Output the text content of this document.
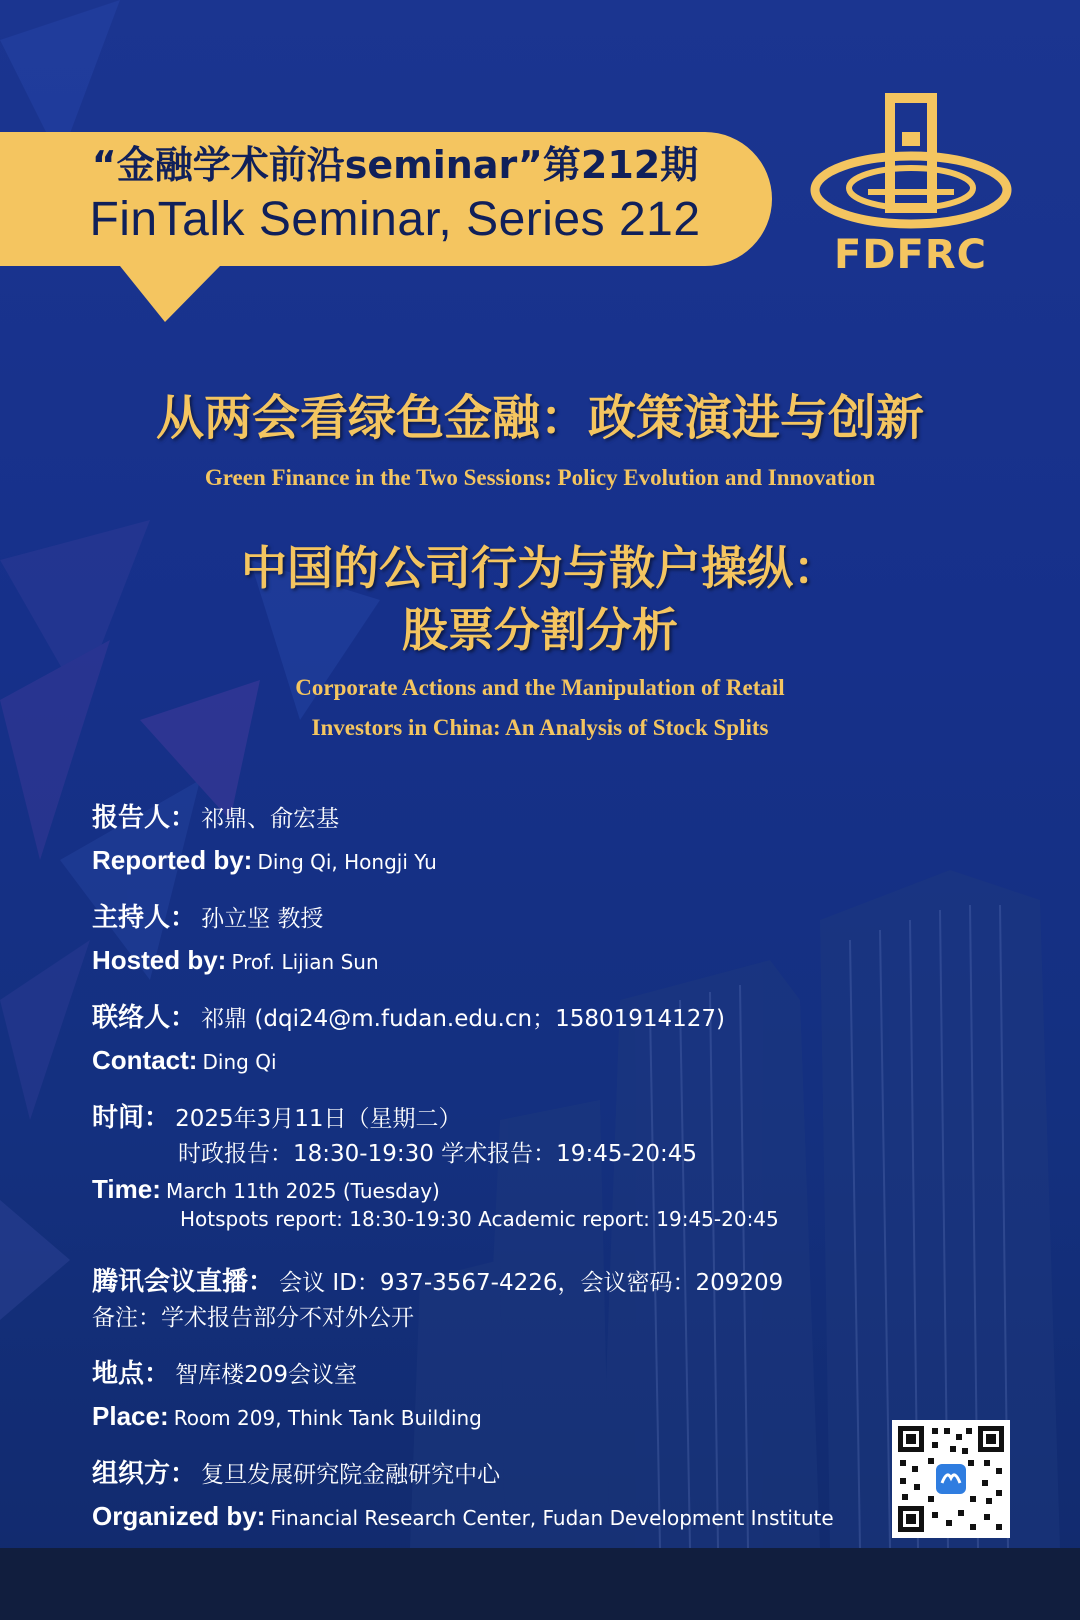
“金融学术前沿seminar”第212期
FinTalk Seminar, Series 212
FDFRC
从两会看绿色金融：政策演进与创新
Green Finance in the Two Sessions: Policy Evolution and Innovation
中国的公司行为与散户操纵：
股票分割分析
Corporate Actions and the Manipulation of Retail
Investors in China: An Analysis of Stock Splits
报告人： 祁鼎、俞宏基
Reported by: Ding Qi, Hongji Yu
主持人： 孙立坚 教授
Hosted by: Prof. Lijian Sun
联络人： 祁鼎 (dqi24@m.fudan.edu.cn；15801914127)
Contact: Ding Qi
时间： 2025年3月11日（星期二）
时政报告：18:30-19:30 学术报告：19:45-20:45
Time: March 11th 2025 (Tuesday)
Hotspots report: 18:30-19:30 Academic report: 19:45-20:45
腾讯会议直播： 会议 ID：937-3567-4226，会议密码：209209
备注：学术报告部分不对外公开
地点： 智库楼209会议室
Place: Room 209, Think Tank Building
组织方： 复旦发展研究院金融研究中心
Organized by: Financial Research Center, Fudan Development Institute
